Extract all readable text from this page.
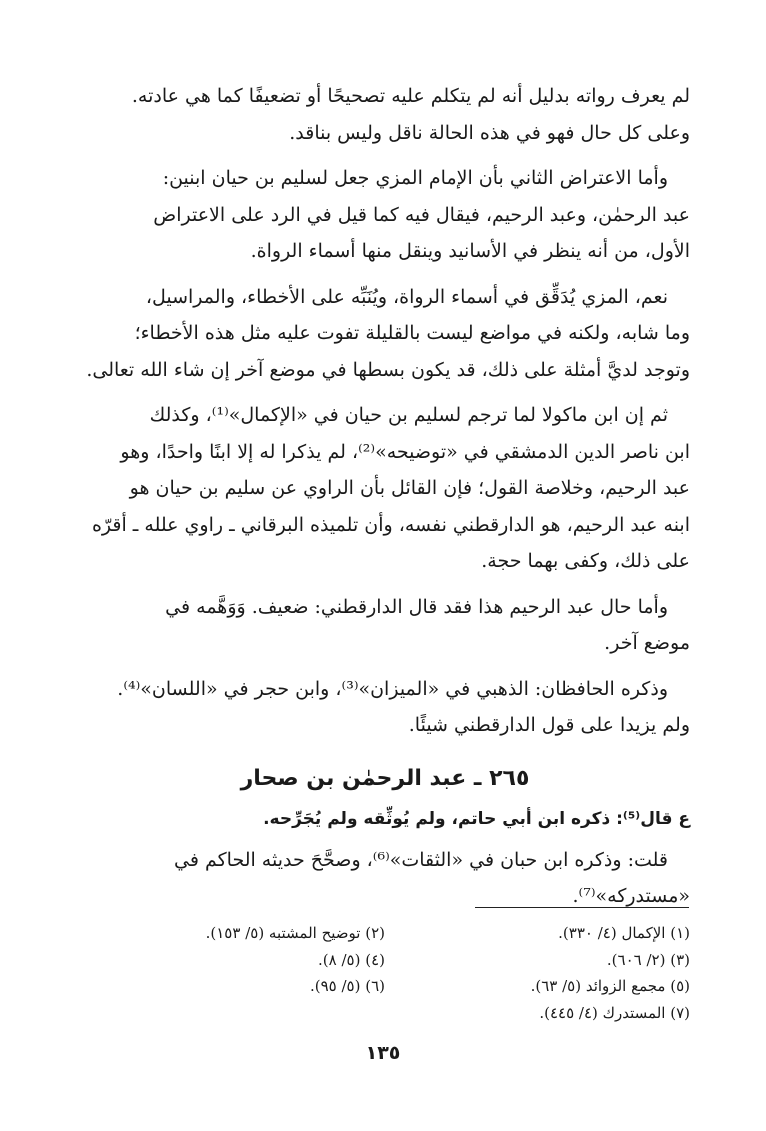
لم يعرف رواته بدليل أنه لم يتكلم عليه تصحيحًا أو تضعيفًا كما هي عادته.
وعلى كل حال فهو في هذه الحالة ناقل وليس بناقد.
وأما الاعتراض الثاني بأن الإمام المزي جعل لسليم بن حيان ابنين:
عبد الرحمٰن، وعبد الرحيم، فيقال فيه كما قيل في الرد على الاعتراض
الأول، من أنه ينظر في الأسانيد وينقل منها أسماء الرواة.
نعم، المزي يُدَقِّق في أسماء الرواة، ويُنَبِّه على الأخطاء، والمراسيل،
وما شابه، ولكنه في مواضع ليست بالقليلة تفوت عليه مثل هذه الأخطاء؛
وتوجد لديَّ أمثلة على ذلك، قد يكون بسطها في موضع آخر إن شاء الله تعالى.
ثم إن ابن ماكولا لما ترجم لسليم بن حيان في «الإكمال»⁽¹⁾، وكذلك
ابن ناصر الدين الدمشقي في «توضيحه»⁽²⁾، لم يذكرا له إلا ابنًا واحدًا، وهو
عبد الرحيم، وخلاصة القول؛ فإن القائل بأن الراوي عن سليم بن حيان هو
ابنه عبد الرحيم، هو الدارقطني نفسه، وأن تلميذه البرقاني ـ راوي علله ـ أقرّه
على ذلك، وكفى بهما حجة.
وأما حال عبد الرحيم هذا فقد قال الدارقطني: ضعيف. وَوَهَّمه في
موضع آخر.
وذكره الحافظان: الذهبي في «الميزان»⁽³⁾، وابن حجر في «اللسان»⁽⁴⁾.
ولم يزيدا على قول الدارقطني شيئًا.
٢٦٥ ـ عبد الرحمٰن بن صحار
ع قال⁽⁵⁾: ذكره ابن أبي حاتم، ولم يُوثِّقه ولم يُجَرِّحه.
قلت: وذكره ابن حبان في «الثقات»⁽⁶⁾، وصحَّحَ حديثه الحاكم في
«مستدركه»⁽⁷⁾.
(١) الإكمال (٤/ ٣٣٠).
(٢) توضيح المشتبه (٥/ ١٥٣).
(٣) (٢/ ٦٠٦).
(٤) (٥/ ٨).
(٥) مجمع الزوائد (٥/ ٦٣).
(٦) (٥/ ٩٥).
(٧) المستدرك (٤/ ٤٤٥).
١٣٥
